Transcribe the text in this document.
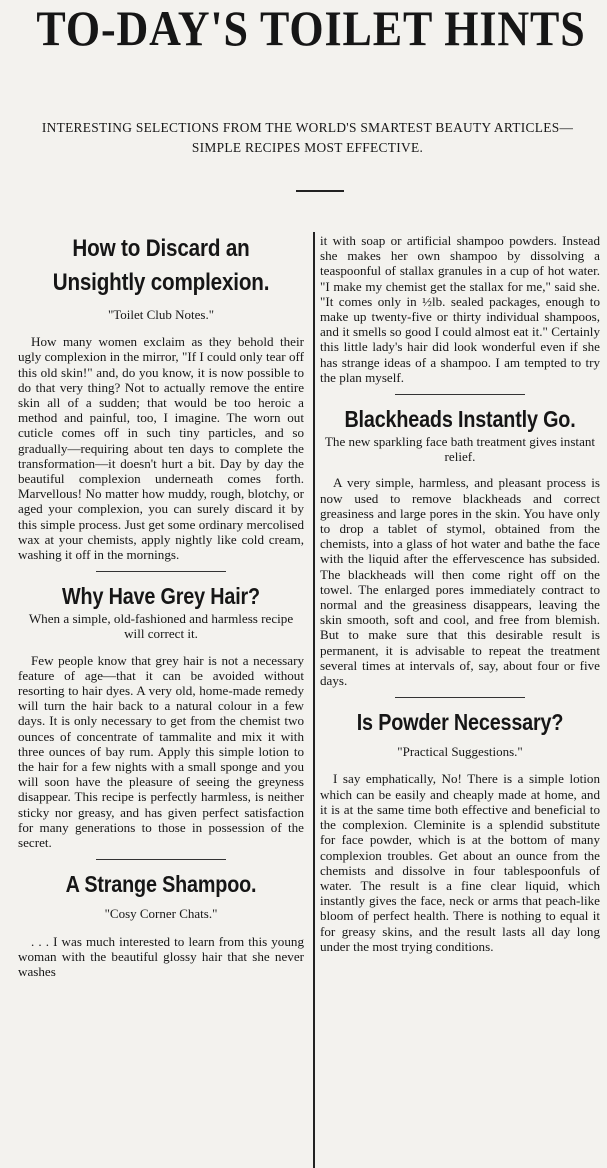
TO-DAY'S TOILET HINTS
INTERESTING SELECTIONS FROM THE WORLD'S SMARTEST BEAUTY ARTICLES—SIMPLE RECIPES MOST EFFECTIVE.
How to Discard an Unsightly complexion.
"Toilet Club Notes."

How many women exclaim as they behold their ugly complexion in the mirror, "If I could only tear off this old skin!" and, do you know, it is now possible to do that very thing? Not to actually remove the entire skin all of a sudden; that would be too heroic a method and painful, too, I imagine. The worn out cuticle comes off in such tiny particles, and so gradually—requiring about ten days to complete the transformation—it doesn't hurt a bit. Day by day the beautiful complexion underneath comes forth. Marvellous! No matter how muddy, rough, blotchy, or aged your complexion, you can surely discard it by this simple process. Just get some ordinary mercolised wax at your chemists, apply nightly like cold cream, washing it off in the mornings.

Why Have Grey Hair?

When a simple, old-fashioned and harmless recipe will correct it.

Few people know that grey hair is not a necessary feature of age—that it can be avoided without resorting to hair dyes. A very old, home-made remedy will turn the hair back to a natural colour in a few days. It is only necessary to get from the chemist two ounces of concentrate of tammalite and mix it with three ounces of bay rum. Apply this simple lotion to the hair for a few nights with a small sponge and you will soon have the pleasure of seeing the greyness disappear. This recipe is perfectly harmless, is neither sticky nor greasy, and has given perfect satisfaction for many generations to those in possession of the secret.

A Strange Shampoo.
"Cosy Corner Chats."

. . . I was much interested to learn from this young woman with the beautiful glossy hair that she never washes

it with soap or artificial shampoo powders. Instead she makes her own shampoo by dissolving a teaspoonful of stallax granules in a cup of hot water. "I make my chemist get the stallax for me," said she. "It comes only in ½lb. sealed packages, enough to make up twenty-five or thirty individual shampoos, and it smells so good I could almost eat it." Certainly this little lady's hair did look wonderful even if she has strange ideas of a shampoo. I am tempted to try the plan myself.

Blackheads Instantly Go.

The new sparkling face bath treatment gives instant relief.

A very simple, harmless, and pleasant process is now used to remove blackheads and correct greasiness and large pores in the skin. You have only to drop a tablet of stymol, obtained from the chemists, into a glass of hot water and bathe the face with the liquid after the effervescence has subsided. The blackheads will then come right off on the towel. The enlarged pores immediately contract to normal and the greasiness disappears, leaving the skin smooth, soft and cool, and free from blemish. But to make sure that this desirable result is permanent, it is advisable to repeat the treatment several times at intervals of, say, about four or five days.

Is Powder Necessary?
"Practical Suggestions."

I say emphatically, No! There is a simple lotion which can be easily and cheaply made at home, and it is at the same time both effective and beneficial to the complexion. Cleminite is a splendid substitute for face powder, which is at the bottom of many complexion troubles. Get about an ounce from the chemists and dissolve in four tablespoonfuls of water. The result is a fine clear liquid, which instantly gives the face, neck or arms that peach-like bloom of perfect health. There is nothing to equal it for greasy skins, and the result lasts all day long under the most trying conditions.
